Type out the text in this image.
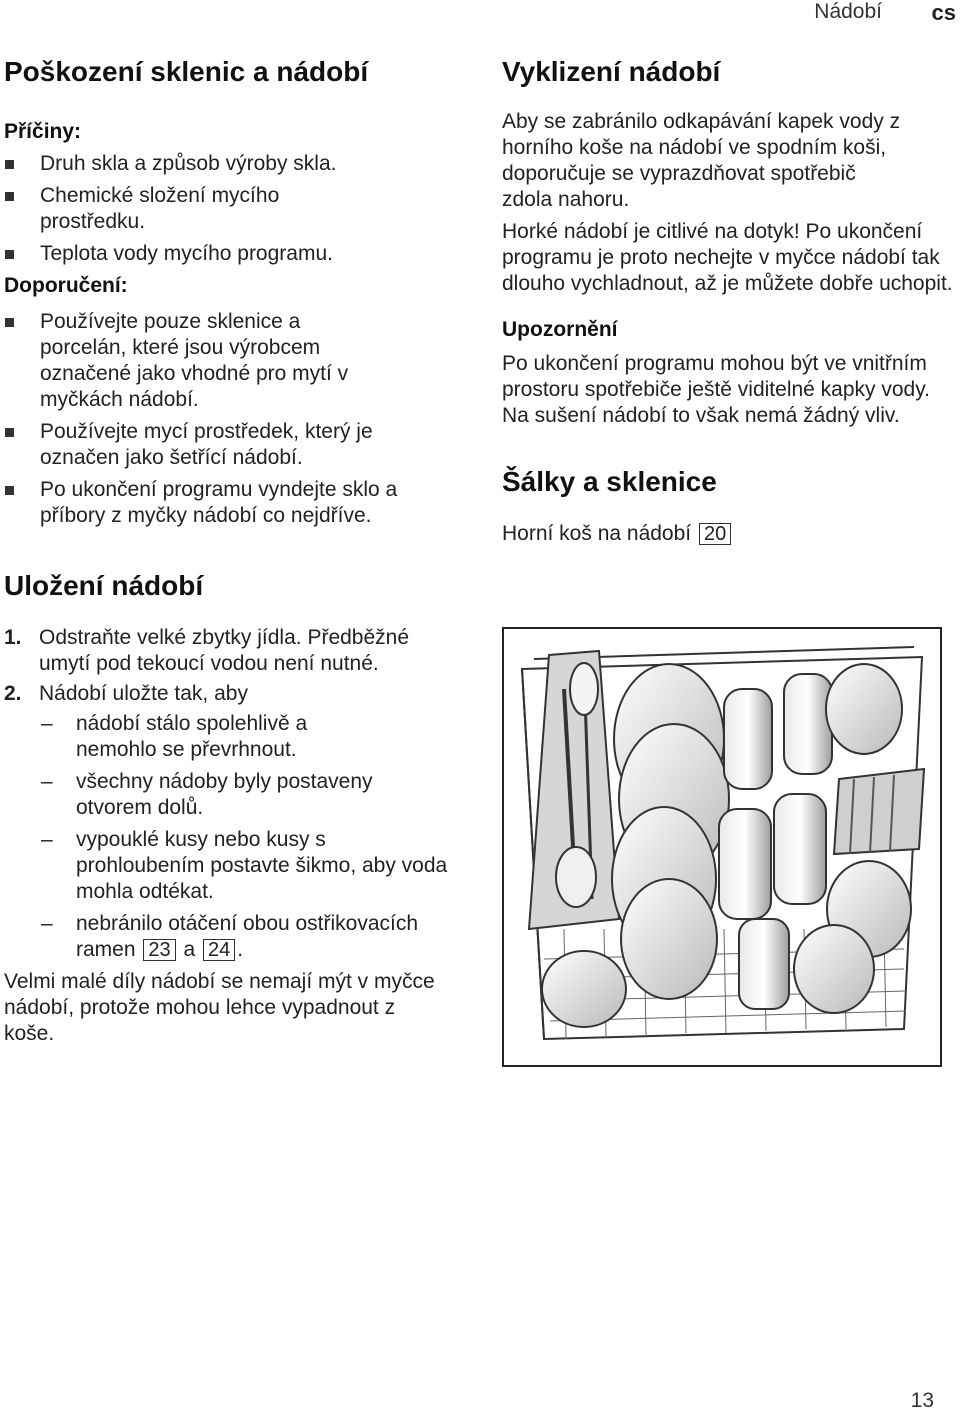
Nádobí cs
Poškození sklenic a nádobí
Příčiny:
Druh skla a způsob výroby skla.
Chemické složení mycího prostředku.
Teplota vody mycího programu.
Doporučení:
Používejte pouze sklenice a porcelán, které jsou výrobcem označené jako vhodné pro mytí v myčkách nádobí.
Používejte mycí prostředek, který je označen jako šetřící nádobí.
Po ukončení programu vyndejte sklo a příbory z myčky nádobí co nejdříve.
Uložení nádobí
1. Odstraňte velké zbytky jídla. Předběžné umytí pod tekoucí vodou není nutné.
2. Nádobí uložte tak, aby
– nádobí stálo spolehlivě a nemohlo se převrhnout.
– všechny nádoby byly postaveny otvorem dolů.
– vypouklé kusy nebo kusy s prohloubením postavte šikmo, aby voda mohla odtékat.
– nebránilo otáčení obou ostřikovacích ramen 23 a 24 .

Velmi malé díly nádobí se nemají mýt v myčce nádobí, protože mohou lehce vypadnout z koše.

Vyklizení nádobí

Aby se zabránilo odkapávání kapek vody z horního koše na nádobí ve spodním koši, doporučuje se vyprazdňovat spotřebič zdola nahoru.

Horké nádobí je citlivé na dotyk! Po ukončení programu je proto nechejte v myčce nádobí tak dlouho vychladnout, až je můžete dobře uchopit.

Upozornění

Po ukončení programu mohou být ve vnitřním prostoru spotřebiče ještě viditelné kapky vody. Na sušení nádobí to však nemá žádný vliv.

Šálky a sklenice
Horní koš na nádobí 20
13
